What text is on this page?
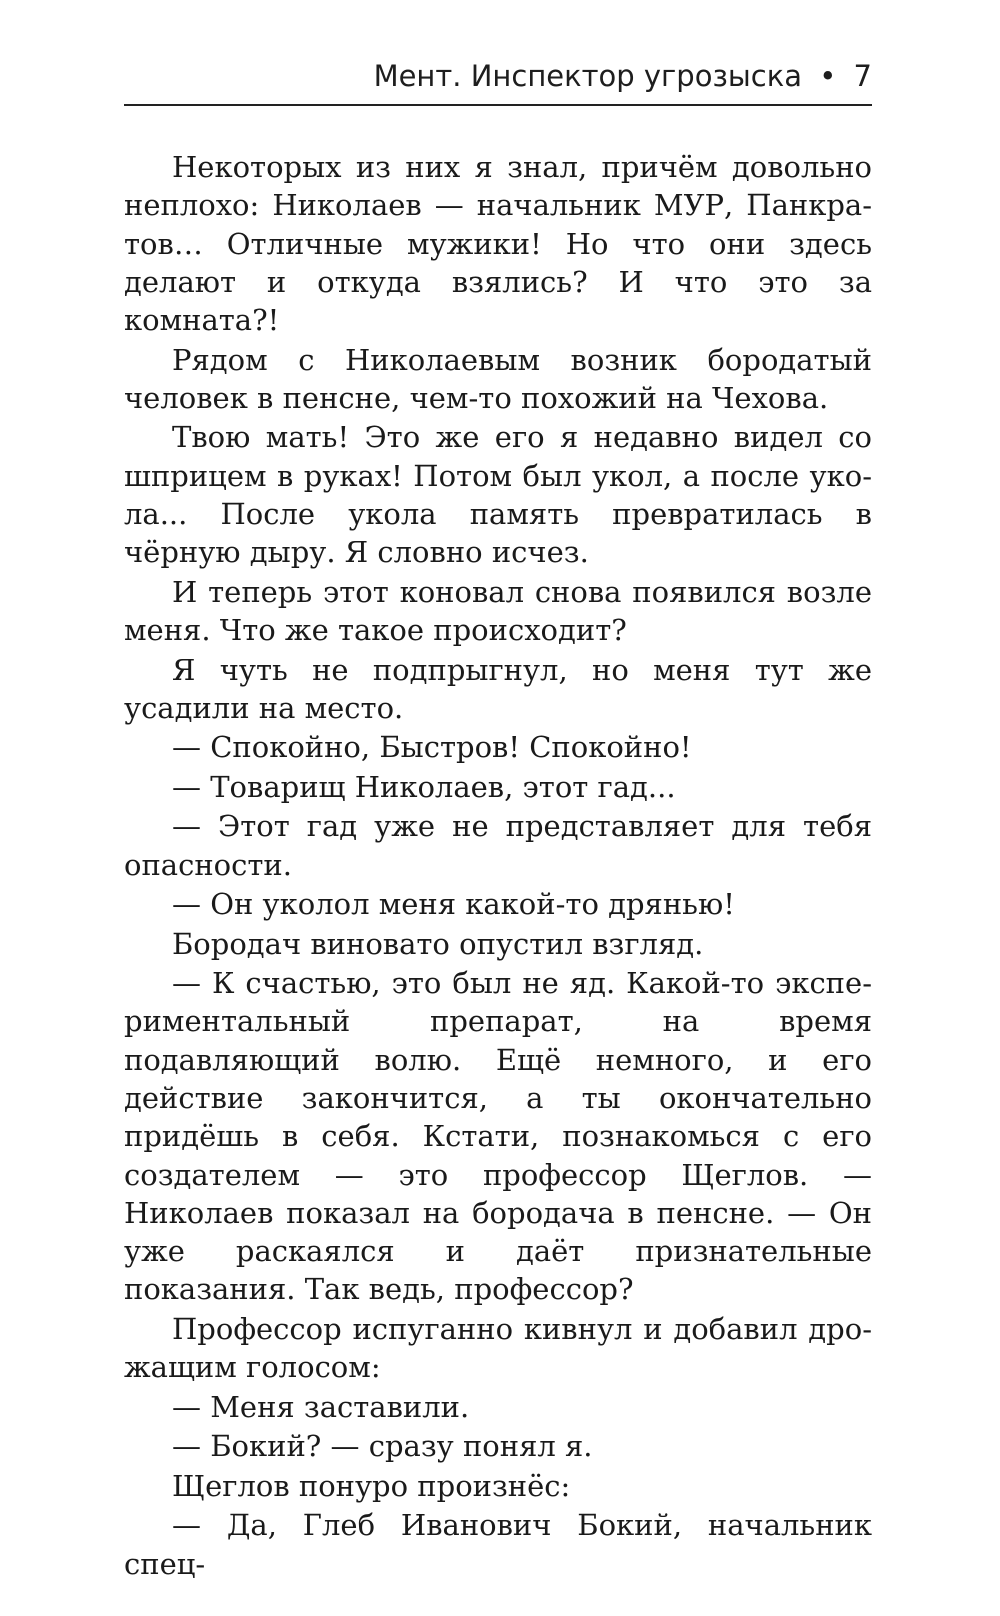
Мент. Инспектор угрозыска • 7

Некоторых из них я знал, причём довольно неплохо: Николаев — начальник МУР, Панкратов… Отличные мужики! Но что они здесь делают и откуда взялись? И что это за комната?!

Рядом с Николаевым возник бородатый человек в пенсне, чем-то похожий на Чехова.

Твою мать! Это же его я недавно видел со шприцем в руках! Потом был укол, а после укола... После укола память превратилась в чёрную дыру. Я словно исчез.

И теперь этот коновал снова появился возле меня. Что же такое происходит?

Я чуть не подпрыгнул, но меня тут же усадили на место.

— Спокойно, Быстров! Спокойно!

— Товарищ Николаев, этот гад...

— Этот гад уже не представляет для тебя опасности.

— Он уколол меня какой-то дрянью!

Бородач виновато опустил взгляд.

— К счастью, это был не яд. Какой-то экспериментальный препарат, на время подавляющий волю. Ещё немного, и его действие закончится, а ты окончательно придёшь в себя. Кстати, познакомься с его создателем — это профессор Щеглов. — Николаев показал на бородача в пенсне. — Он уже раскаялся и даёт признательные показания. Так ведь, профессор?

Профессор испуганно кивнул и добавил дрожащим голосом:

— Меня заставили.

— Бокий? — сразу понял я.

Щеглов понуро произнёс:

— Да, Глеб Иванович Бокий, начальник спец-
